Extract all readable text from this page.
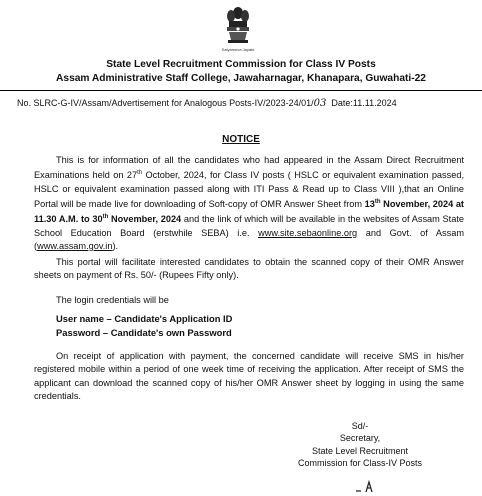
Satyameva Jayate
State Level Recruitment Commission for Class IV Posts
Assam Administrative Staff College, Jawaharnagar, Khanapara, Guwahati-22
No. SLRC-G-IV/Assam/Advertisement for Analogous Posts-IV/2023-24/01/03 Date:11.11.2024
NOTICE
This is for information of all the candidates who had appeared in the Assam Direct Recruitment Examinations held on 27th October, 2024, for Class IV posts ( HSLC or equivalent examination passed, HSLC or equivalent examination passed along with ITI Pass & Read up to Class VIII ),that an Online Portal will be made live for downloading of Soft-copy of OMR Answer Sheet from 13th November, 2024 at 11.30 A.M. to 30th November, 2024 and the link of which will be available in the websites of Assam State School Education Board (erstwhile SEBA) i.e. www.site.sebaonline.org and Govt. of Assam (www.assam.gov.in).
This portal will facilitate interested candidates to obtain the scanned copy of their OMR Answer sheets on payment of Rs. 50/- (Rupees Fifty only).
The login credentials will be
User name – Candidate's Application ID
Password – Candidate's own Password
On receipt of application with payment, the concerned candidate will receive SMS in his/her registered mobile within a period of one week time of receiving the application. After receipt of SMS the applicant can download the scanned copy of his/her OMR Answer sheet by logging in using the same credentials.
Sd/-
Secretary,
State Level Recruitment
Commission for Class-IV Posts
